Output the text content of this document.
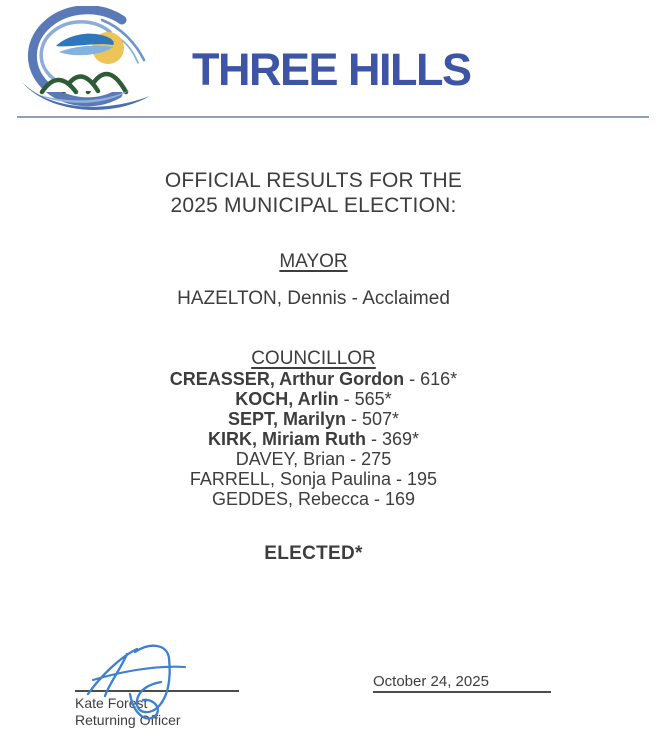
THREE HILLS
OFFICIAL RESULTS FOR THE
2025 MUNICIPAL ELECTION:
MAYOR
HAZELTON, Dennis - Acclaimed
COUNCILLOR
CREASSER, Arthur Gordon - 616*
KOCH, Arlin - 565*
SEPT, Marilyn - 507*
KIRK, Miriam Ruth - 369*
DAVEY, Brian - 275
FARRELL, Sonja Paulina - 195
GEDDES, Rebecca - 169
ELECTED*
Kate Forest
Returning Officer
October 24, 2025
